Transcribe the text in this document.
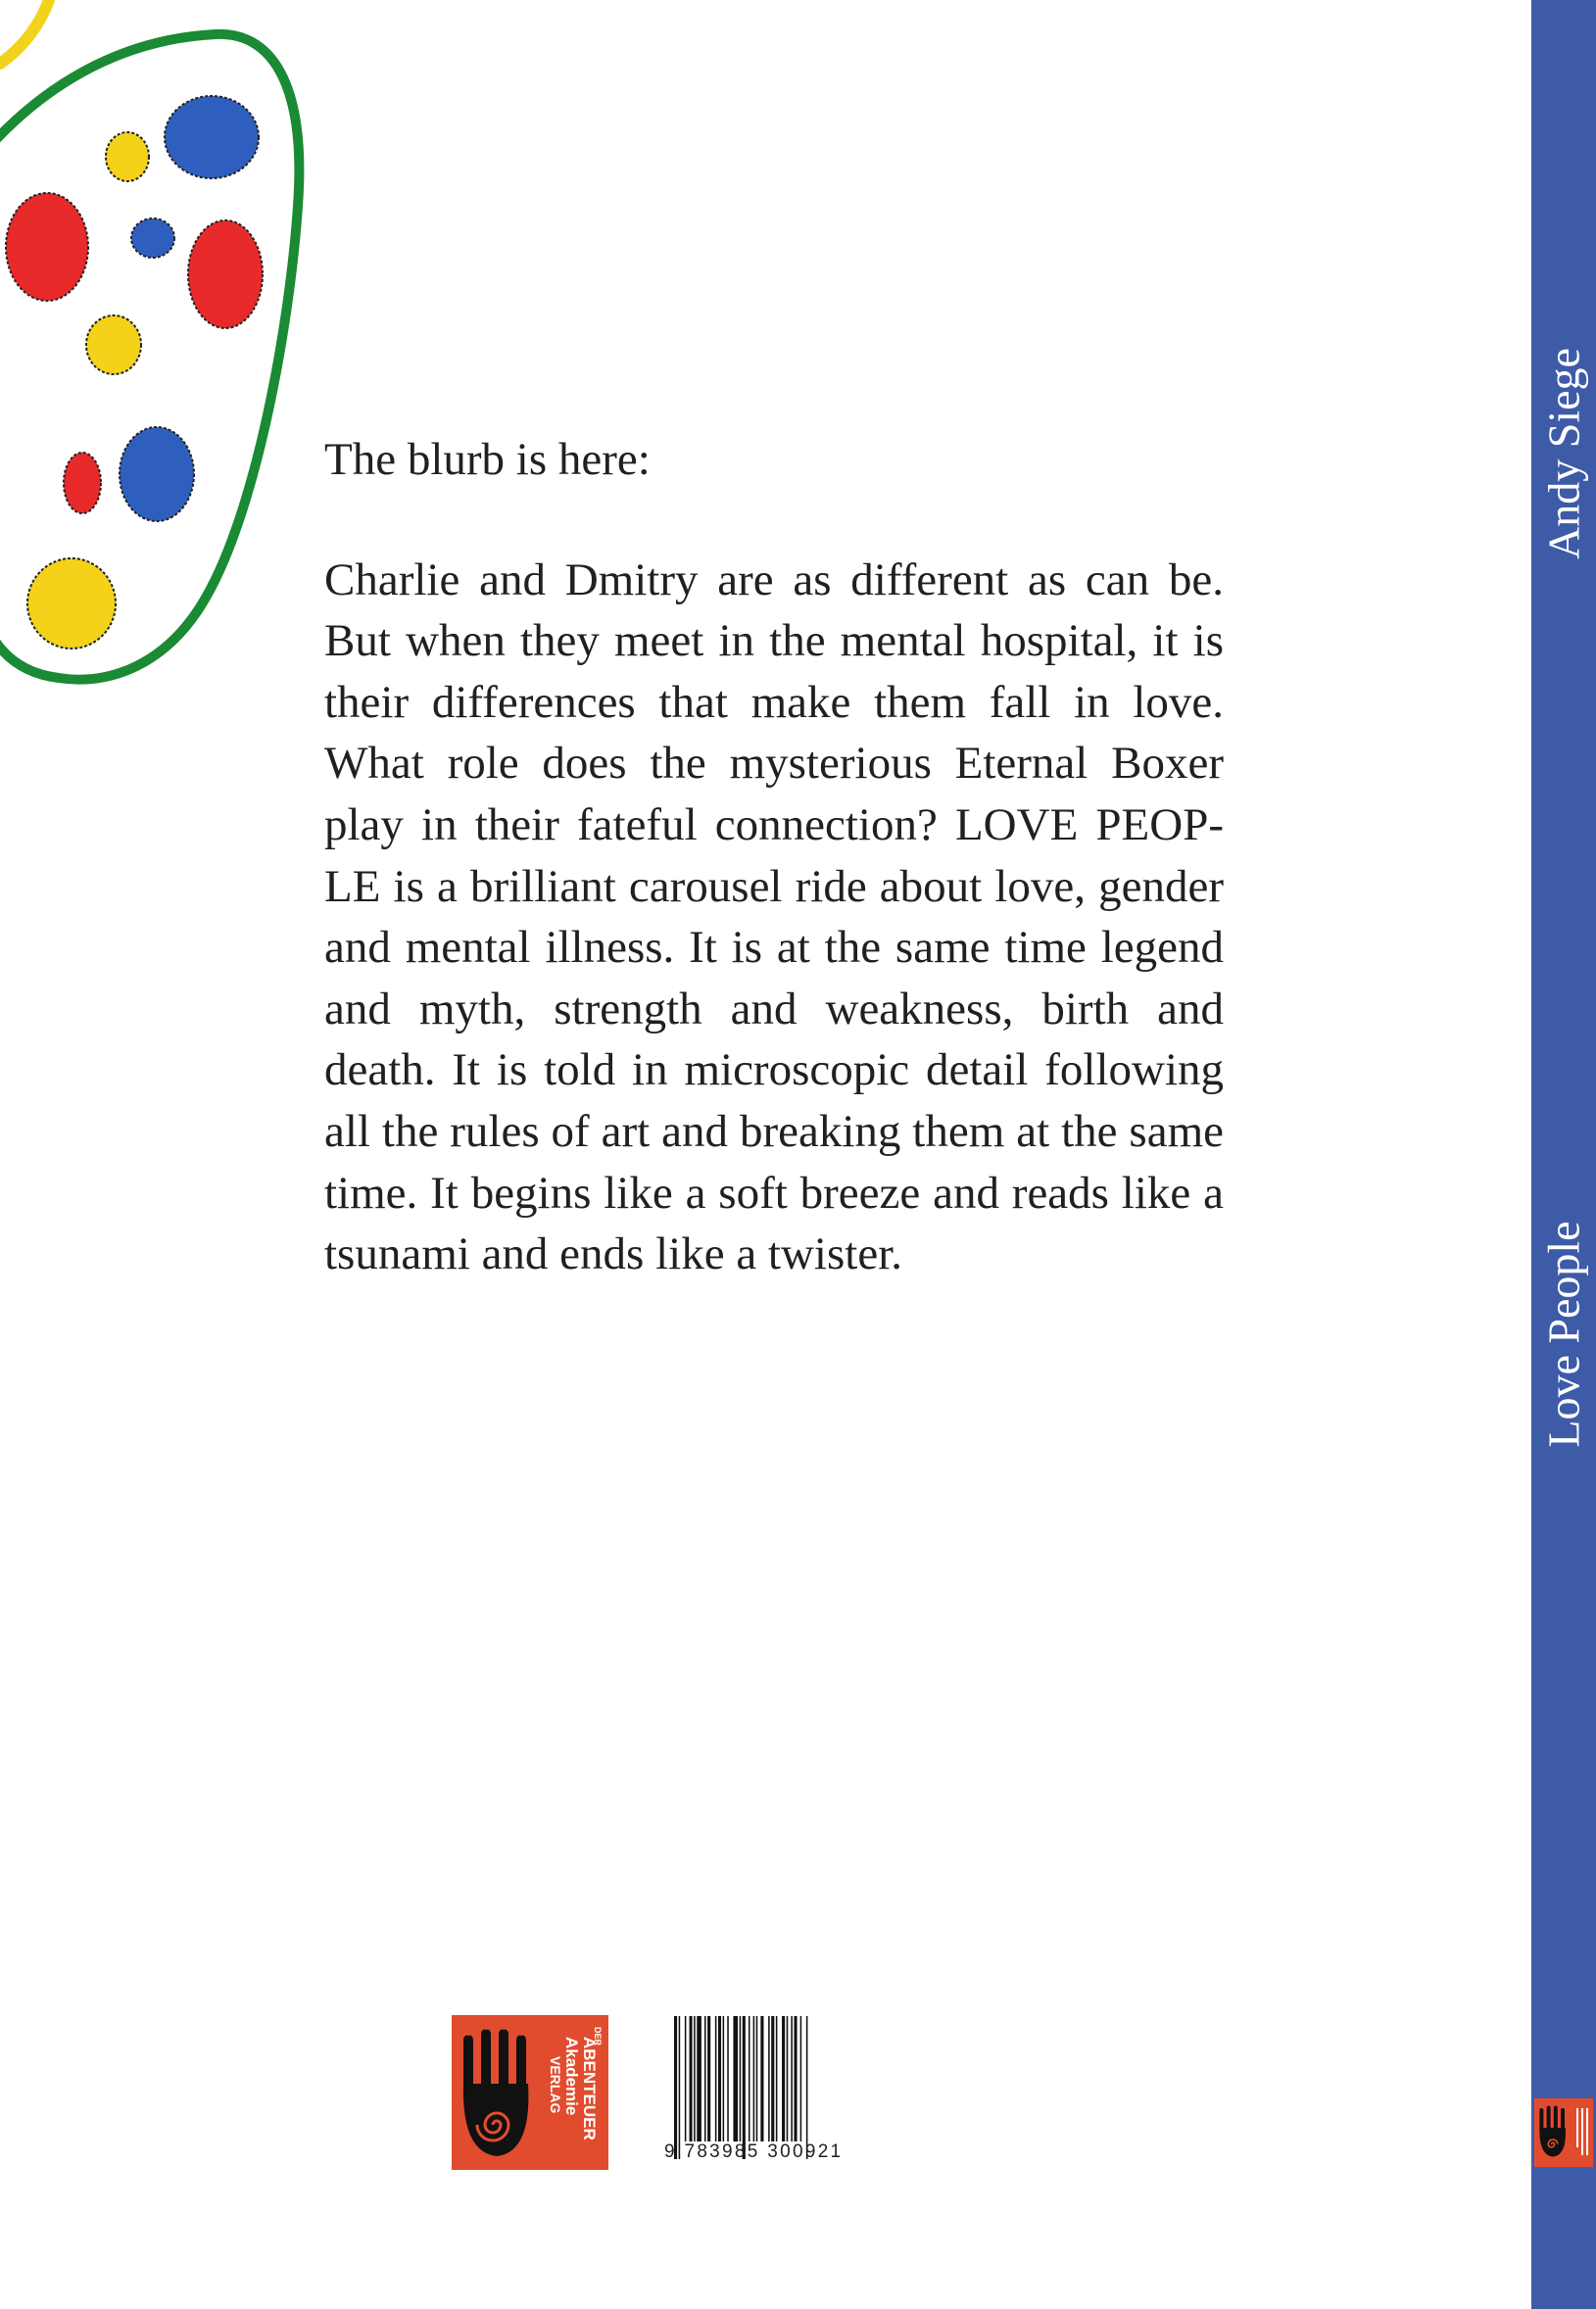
The blurb is here:

Charlie and Dmitry are as different as can be. But when they meet in the mental hospital, it is their differences that make them fall in love. What role does the mysterious Eternal Boxer play in their fateful connection? LOVE PEOPLE is a brilliant carousel ride about love, gender and mental illness. It is at the same time legend and myth, strength and weakness, birth and death. It is told in microscopic detail following all the rules of art and breaking them at the same time. It begins like a soft breeze and reads like a tsunami and ends like a twister.

DER
ABENTEUER
Akademie
VERLAG
9 783985 300921
Andy Siege
Love People
